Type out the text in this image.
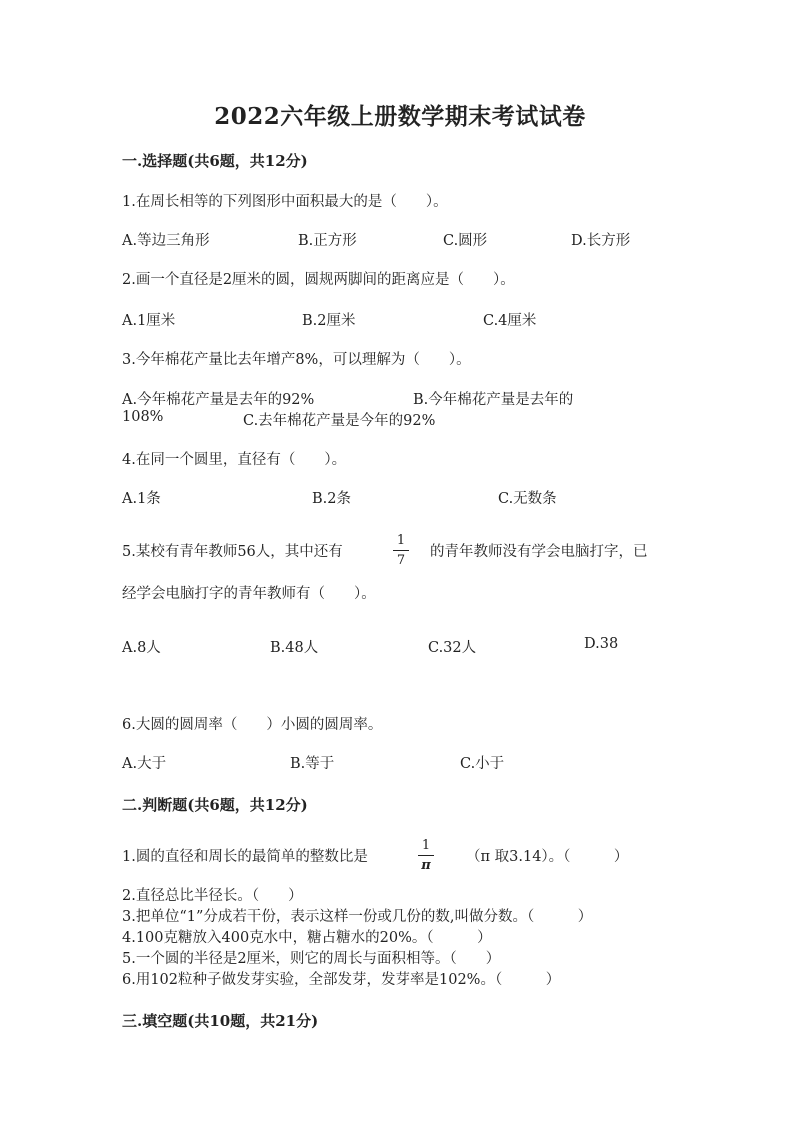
2022六年级上册数学期末考试试卷
一.选择题(共6题，共12分)
1.在周长相等的下列图形中面积最大的是（　　）。
A.等边三角形	B.正方形	C.圆形	D.长方形
2.画一个直径是2厘米的圆，圆规两脚间的距离应是（　　）。
A.1厘米	B.2厘米	C.4厘米
3.今年棉花产量比去年增产8%，可以理解为（　　）。
A.今年棉花产量是去年的92%	B.今年棉花产量是去年的
108%	C.去年棉花产量是今年的92%
4.在同一个圆里，直径有（　　）。
A.1条	B.2条	C.无数条
5.某校有青年教师56人，其中还有
1
7
的青年教师没有学会电脑打字，已
经学会电脑打字的青年教师有（　　）。
A.8人	B.48人	C.32人	D.38
6.大圆的圆周率（　　）小圆的圆周率。
A.大于	B.等于	C.小于
二.判断题(共6题，共12分)
1.圆的直径和周长的最简单的整数比是
1
π
（π 取3.14）。（　　　）
2.直径总比半径长。（　　）
3.把单位“1”分成若干份，表示这样一份或几份的数,叫做分数。（　　　）
4.100克糖放入400克水中，糖占糖水的20%。（　　　）
5.一个圆的半径是2厘米，则它的周长与面积相等。（　　）
6.用102粒种子做发芽实验，全部发芽，发芽率是102%。（　　　）
三.填空题(共10题，共21分)
